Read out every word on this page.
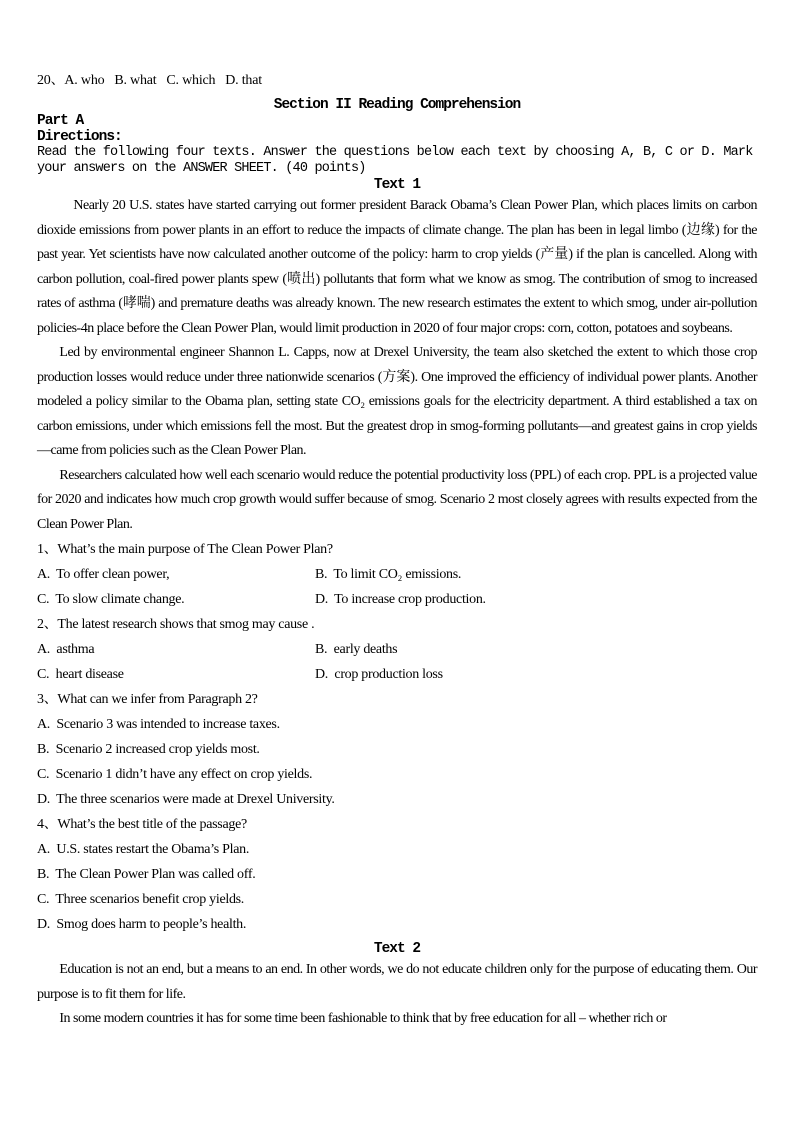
20、A. who   B. what   C. which   D. that
Section II Reading Comprehension
Part A
Directions:

Read the following four texts. Answer the questions below each text by choosing A, B, C or D. Mark your answers on the ANSWER SHEET. (40 points)

Text 1

Nearly 20 U.S. states have started carrying out former president Barack Obama’s Clean Power Plan, which places limits on carbon dioxide emissions from power plants in an effort to reduce the impacts of climate change. The plan has been in legal limbo (边缘) for the past year. Yet scientists have now calculated another outcome of the policy: harm to crop yields (产量) if the plan is cancelled. Along with carbon pollution, coal-fired power plants spew (喷出) pollutants that form what we know as smog. The contribution of smog to increased rates of asthma (哮喘) and premature deaths was already known. The new research estimates the extent to which smog, under air-pollution policies-4n place before the Clean Power Plan, would limit production in 2020 of four major crops: corn, cotton, potatoes and soybeans.

Led by environmental engineer Shannon L. Capps, now at Drexel University, the team also sketched the extent to which those crop production losses would reduce under three nationwide scenarios (方案). One improved the efficiency of individual power plants. Another modeled a policy similar to the Obama plan, setting state CO₂ emissions goals for the electricity department. A third established a tax on carbon emissions, under which emissions fell the most. But the greatest drop in smog-forming pollutants—and greatest gains in crop yields—came from policies such as the Clean Power Plan.

Researchers calculated how well each scenario would reduce the potential productivity loss (PPL) of each crop. PPL is a projected value for 2020 and indicates how much crop growth would suffer because of smog. Scenario 2 most closely agrees with results expected from the Clean Power Plan.

1、What’s the main purpose of The Clean Power Plan?
A.  To offer clean power,	B.  To limit CO₂ emissions.
C.  To slow climate change.	D.  To increase crop production.
2、The latest research shows that smog may cause .
A.  asthma	B.  early deaths
C.  heart disease	D.  crop production loss
3、What can we infer from Paragraph 2?
A.  Scenario 3 was intended to increase taxes.
B.  Scenario 2 increased crop yields most.
C.  Scenario 1 didn’t have any effect on crop yields.
D.  The three scenarios were made at Drexel University.
4、What’s the best title of the passage?
A.  U.S. states restart the Obama’s Plan.
B.  The Clean Power Plan was called off.
C.  Three scenarios benefit crop yields.
D.  Smog does harm to people’s health.
Text 2

Education is not an end, but a means to an end. In other words, we do not educate children only for the purpose of educating them. Our purpose is to fit them for life.

In some modern countries it has for some time been fashionable to think that by free education for all – whether rich or
